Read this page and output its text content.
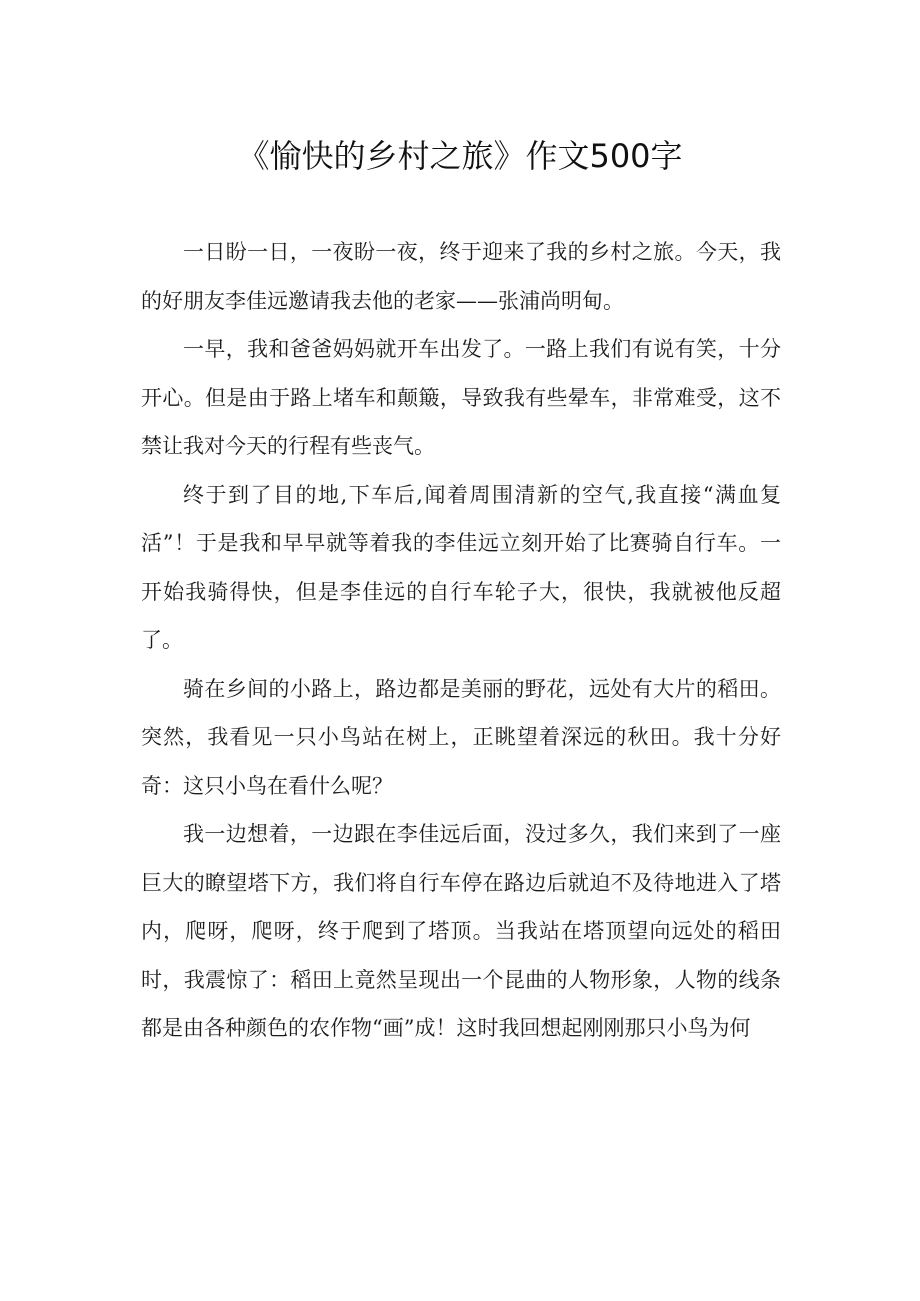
《愉快的乡村之旅》作文500字

一日盼一日，一夜盼一夜，终于迎来了我的乡村之旅。今天，我的好朋友李佳远邀请我去他的老家——张浦尚明甸。

一早，我和爸爸妈妈就开车出发了。一路上我们有说有笑，十分开心。但是由于路上堵车和颠簸，导致我有些晕车，非常难受，这不禁让我对今天的行程有些丧气。

终于到了目的地,下车后,闻着周围清新的空气,我直接“满血复活”！于是我和早早就等着我的李佳远立刻开始了比赛骑自行车。一开始我骑得快，但是李佳远的自行车轮子大，很快，我就被他反超了。

骑在乡间的小路上，路边都是美丽的野花，远处有大片的稻田。突然，我看见一只小鸟站在树上，正眺望着深远的秋田。我十分好奇：这只小鸟在看什么呢？

我一边想着，一边跟在李佳远后面，没过多久，我们来到了一座巨大的瞭望塔下方，我们将自行车停在路边后就迫不及待地进入了塔内，爬呀，爬呀，终于爬到了塔顶。当我站在塔顶望向远处的稻田时，我震惊了：稻田上竟然呈现出一个昆曲的人物形象，人物的线条都是由各种颜色的农作物“画”成！这时我回想起刚刚那只小鸟为何
